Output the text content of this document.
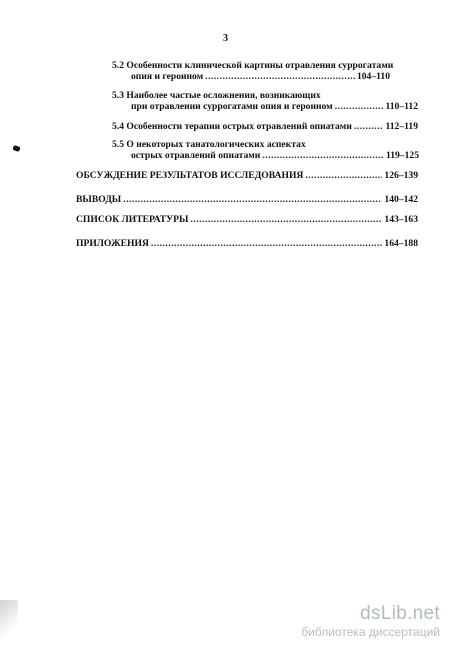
3
5.2 Особенности клинической картины отравления суррогатами
опия и героином .....	104–110
5.3 Наиболее частые осложнения, возникающих
при отравлении суррогатами опия и героином .....	110–112
5.4 Особенности терапии острых отравлений опиатами .....	112–119
5.5 О некоторых танатологических аспектах
острых отравлений опиатами .....	119–125
ОБСУЖДЕНИЕ РЕЗУЛЬТАТОВ ИССЛЕДОВАНИЯ .....	126–139
ВЫВОДЫ .....	140–142
СПИСОК ЛИТЕРАТУРЫ .....	143–163
ПРИЛОЖЕНИЯ .....	164–188
dsLib.net
библиотека диссертаций
